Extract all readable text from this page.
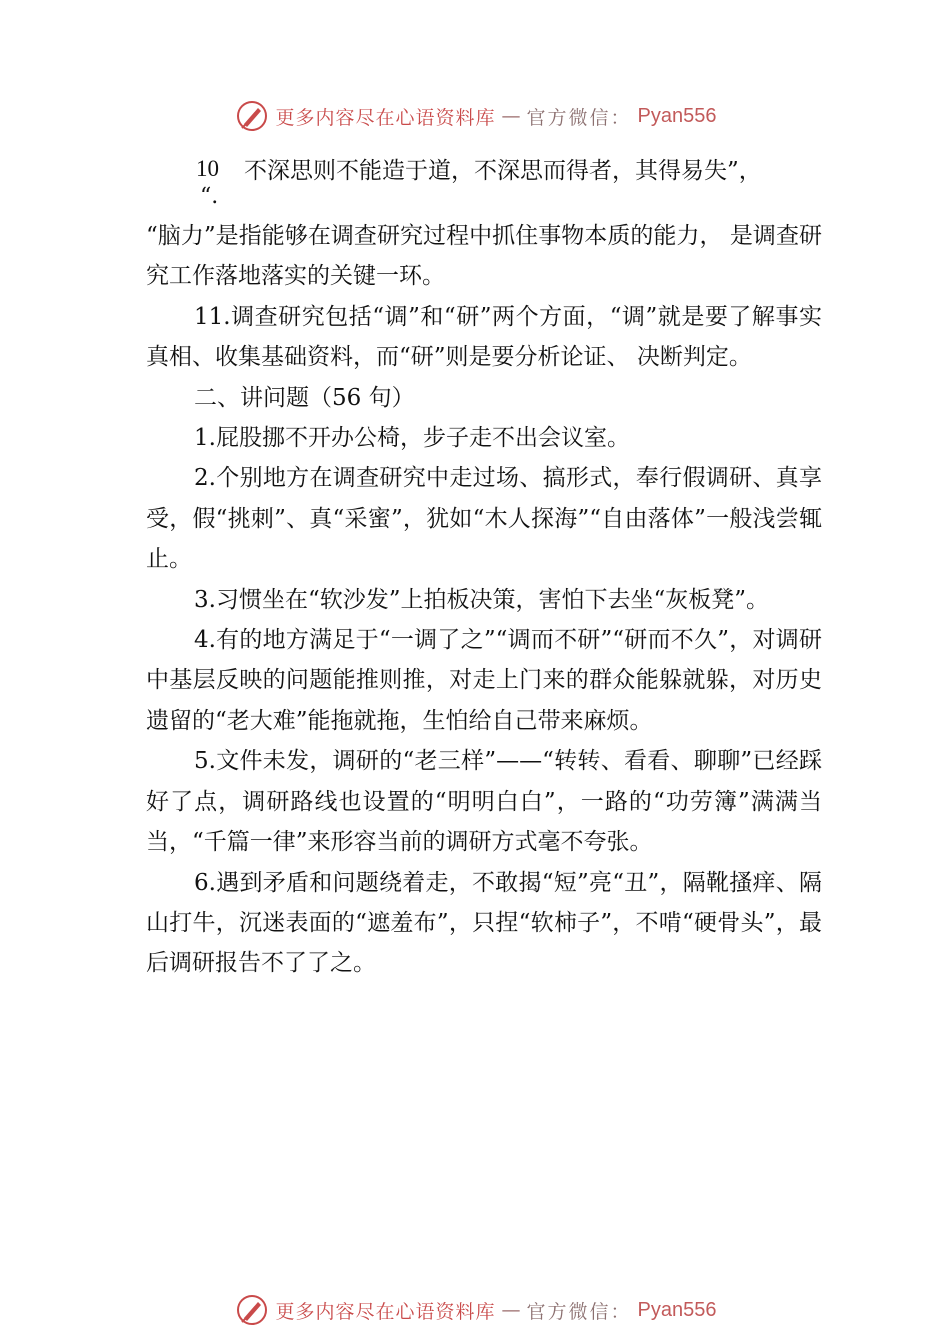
更多内容尽在心语资料库 — 官方微信： Pyan556
10
“.
不深思则不能造于道，不深思而得者，其得易失”，

“脑力”是指能够在调查研究过程中抓住事物本质的能力， 是调查研究工作落地落实的关键一环。

11.调查研究包括“调”和“研”两个方面，“调”就是要了解事实真相、收集基础资料，而“研”则是要分析论证、 决断判定。

二、讲问题（56 句）

1.屁股挪不开办公椅，步子走不出会议室。

2.个别地方在调查研究中走过场、搞形式，奉行假调研、真享受，假“挑刺”、真“采蜜”，犹如“木人探海”“自由落体”一般浅尝辄止。

3.习惯坐在“软沙发”上拍板决策，害怕下去坐“灰板凳”。

4.有的地方满足于“一调了之”“调而不研”“研而不久”，对调研中基层反映的问题能推则推，对走上门来的群众能躲就躲，对历史遗留的“老大难”能拖就拖，生怕给自己带来麻烦。

5.文件未发，调研的“老三样”——“转转、看看、聊聊”已经踩好了点，调研路线也设置的“明明白白”，一路的“功劳簿”满满当当，“千篇一律”来形容当前的调研方式毫不夸张。

6.遇到矛盾和问题绕着走，不敢揭“短”亮“丑”，隔靴搔痒、隔山打牛，沉迷表面的“遮羞布”，只捏“软柿子”，不啃“硬骨头”，最后调研报告不了了之。

更多内容尽在心语资料库 — 官方微信： Pyan556
